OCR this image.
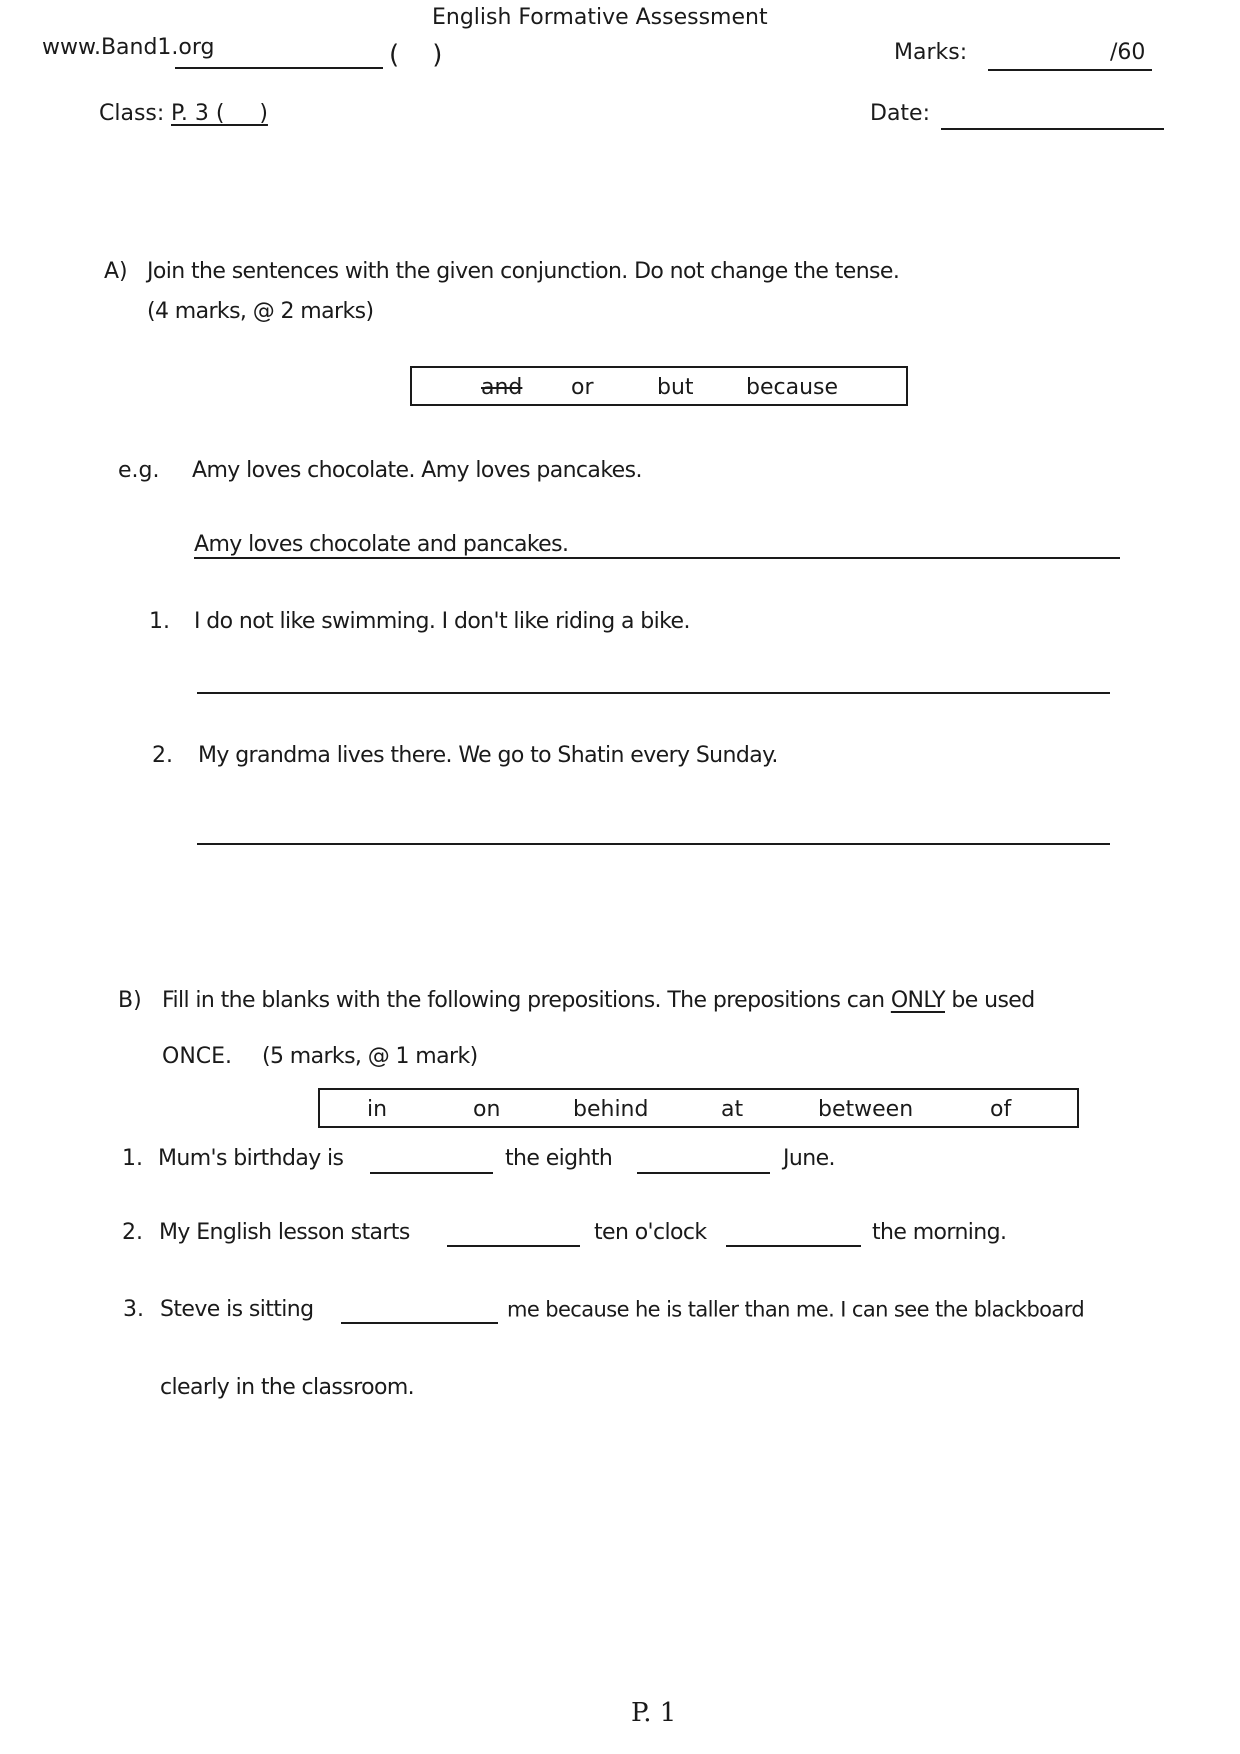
English Formative Assessment
www.Band1.org	(    )	Marks:	/60
Class: P. 3 (     )	Date:
A) Join the sentences with the given conjunction. Do not change the tense.
(4 marks, @ 2 marks)
and or	but because
e.g. Amy loves chocolate. Amy loves pancakes.
Amy loves chocolate and pancakes.
1. I do not like swimming. I don't like riding a bike.
2. My grandma lives there. We go to Shatin every Sunday.
B) Fill in the blanks with the following prepositions. The prepositions can ONLY be used
ONCE. (5 marks, @ 1 mark)
in	on	behind	at	between	of
1. Mum's birthday is	the eighth	June.
2. My English lesson starts	ten o'clock	the morning.
3. Steve is sitting	me because he is taller than me. I can see the blackboard
clearly in the classroom.
P. 1
